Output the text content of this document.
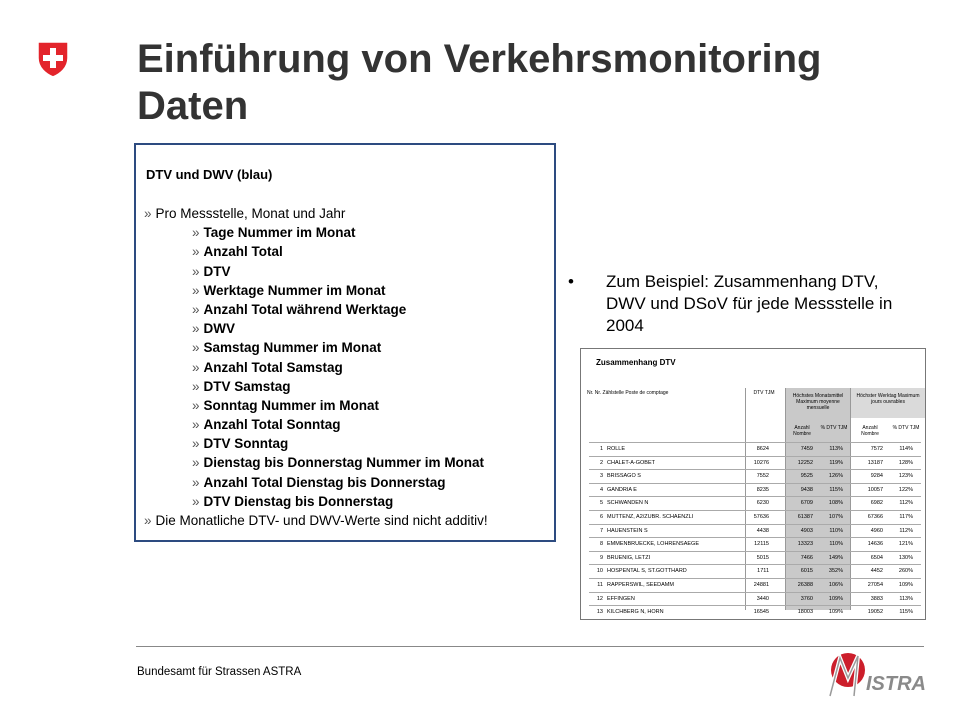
Einführung von Verkehrsmonitoring Daten
DTV und DWV (blau)
» Pro Messstelle, Monat und Jahr
» Tage Nummer im Monat
» Anzahl Total
» DTV
» Werktage Nummer im Monat
» Anzahl Total während Werktage
» DWV
» Samstag Nummer im Monat
» Anzahl Total Samstag
» DTV Samstag
» Sonntag Nummer im Monat
» Anzahl Total Sonntag
» DTV Sonntag
» Dienstag bis Donnerstag Nummer im Monat
» Anzahl Total Dienstag bis Donnerstag
» DTV Dienstag bis Donnerstag
» Die Monatliche DTV- und DWV-Werte sind nicht additiv!
• Zum Beispiel: Zusammenhang DTV, DWV und DSoV für jede Messstelle in 2004
Zusammenhang DTV
Nr. Nr. Zählstelle Poste de comptage	DTV TJM	Höchstes Monatsmittel Maximum moyenne mensuelle
Höchster Werktag Maximum jours ouvrables
Anzahl Nombre
% DTV TJM	Anzahl Nombre
% DTV TJM
1 ROLLE	8624	7459	113%	7572	114%
2 CHALET-A-GOBET	10276	12252	119%	13187	128%
3 BRISSAGO S	7552	9525	126%	9284	123%
4 GANDRIA E	8235	9438	115%	10057	122%
5 SCHWANDEN N	6230	6709	108%	6982	112%
6 MUTTENZ, A2/ZUBR. SCHAENZLI	57636	61387	107%	67366	117%
7 HAUENSTEIN S	4438	4903	110%	4960	112%
8 EMMENBRUECKE, LOHRENSAEGE	12115	13323	110%	14636	121%
9 BRUENIG, LETZI	5015	7466	149%	6504	130%
10 HOSPENTAL S, ST.GOTTHARD	1711	6015	352%	4452	260%
11 RAPPERSWIL, SEEDAMM	24881	26388	106%	27054	109%
12 EFFINGEN	3440	3760	109%	3883	113%
13 KILCHBERG N, HORN	16545	18003	109%	19052	115%
Bundesamt für Strassen ASTRA
ISTRA
